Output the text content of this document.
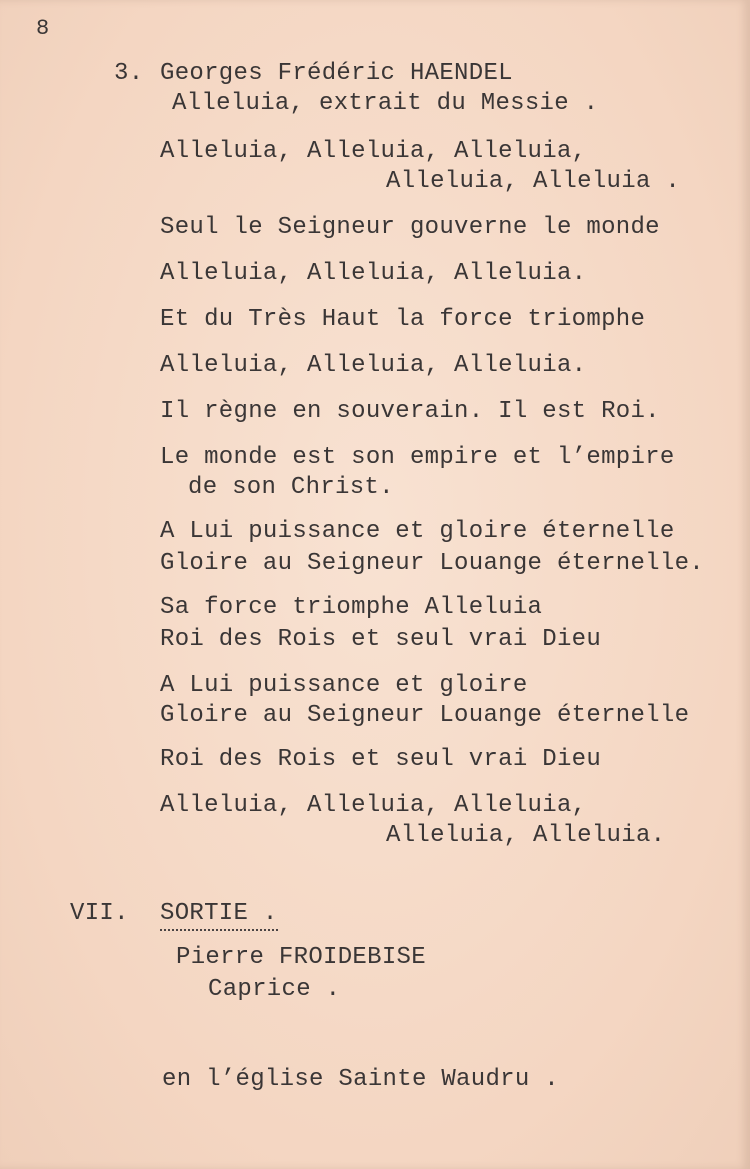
8
3. Georges Frédéric HAENDEL
Alleluia, extrait du Messie .
Alleluia, Alleluia, Alleluia,
Alleluia, Alleluia .
Seul le Seigneur gouverne le monde
Alleluia, Alleluia, Alleluia.
Et du Très Haut la force triomphe
Alleluia, Alleluia, Alleluia.
Il règne en souverain. Il est Roi.
Le monde est son empire et l’empire
de son Christ.
A Lui puissance et gloire éternelle
Gloire au Seigneur Louange éternelle.
Sa force triomphe Alleluia
Roi des Rois et seul vrai Dieu
A Lui puissance et gloire
Gloire au Seigneur Louange éternelle
Roi des Rois et seul vrai Dieu
Alleluia, Alleluia, Alleluia,
Alleluia, Alleluia.
VII. SORTIE .
Pierre FROIDEBISE
Caprice .
en l’église Sainte Waudru .
